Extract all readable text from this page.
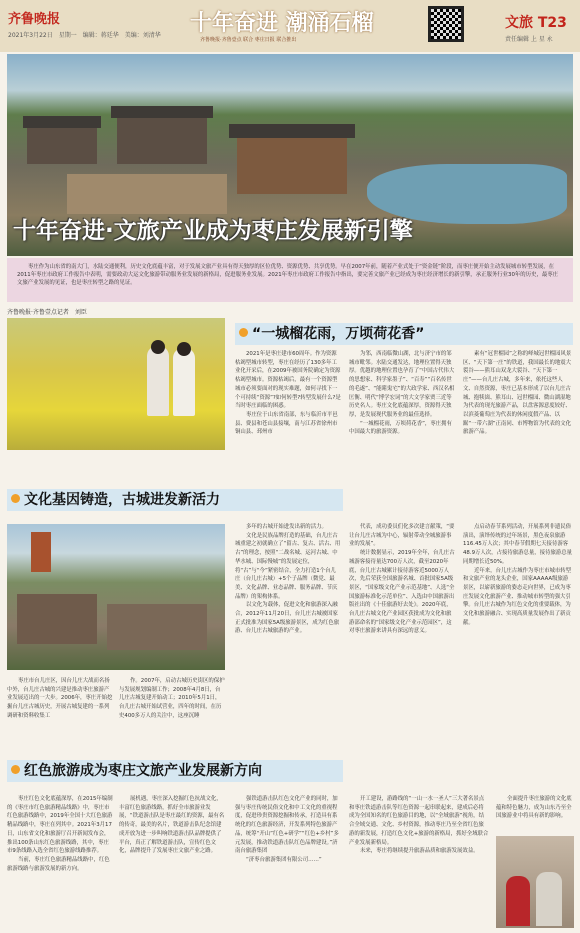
齐鲁晚报
2021年3月22日　星期一　编辑：蒋廷华　美编：刘清华 十年奋进 潮涌石榴
齐鲁晚报·齐鲁壹点 联合 枣庄日报 联合推出
文旅 T23
责任编辑 上 星 永
十年奋进·文旅产业成为枣庄发展新引擎

枣庄作为山东省的南大门，水陆交通便利，历史文化底蕴丰富，对于发展文旅产业具有得天独厚的区位优势、资源优势、共享优势。早在2007年前，随着产业式处于“资金链”阶段，而枣庄便开始主动发展城市转型发展，在2011年枣庄市政府工作报告中表明，需要政动大运文化旅游带动服务业发展的新格局，促进服务业发展。2021年枣庄市政府工作报告中指出，要完善文旅产业已经成为枣庄经济增长的新引擎，承正服务行业30年的历史，最枣庄文旅产业发展的见证，也是枣庄转型之路的见证。

齐鲁晚报·齐鲁壹点记者　刘臣
“一城榴花雨，万顷荷花香”

2021年是枣庄建市60周年。作为资源枯竭型城市转型，枣庄在经历了130多年工业化开采后，在2009年被国务院确定为资源枯竭型城市。资源枯竭后，最有一个资源型城市必须要面对的现实难题，如何寻找下一个可持续“资源”?如何转型?转型发展什么?是当时枣庄面临的困惑。

枣庄位于山东省南部，东与临沂市平邑县、费县和苍山县接壤，南与江苏省徐州市铜山县、邳州市

为邻，西南临微山湖，北与济宁市的邹城市毗邻。水陆交通发达，地理位置得天独厚。优越的地理位置也孕育了“中国古代伟大的思想家、科学家墨子”、“百寿”“百名传世的毛遂”、“能睹鬼宅”的大政学家、西汉名相匡衡、明代“博学宏词”的大文学家贾三近等历史名人。枣庄文化底蕴深厚，资源得天独厚，是发展现代服务业的最佳选择。

“一城榴花雨，万顷荷花香”，枣庄拥有中国最大的旅游资源。

素有“冠世榴园”之称的峄城冠世榴园风景区、“天下第一庄”的铁道，我国最长的地震大裂谷——熊耳山双龙大裂谷、“天下第一庄”——台儿庄古城，多年来，依托这些人文、自然资源，枣庄已基本形成了以台儿庄古城、抱犊崮、熊耳山、冠世榴园、微山湖湿地为代表的现光旅游产品，以盘客源意度较好、以滨菱葡萄庄为代表的休闲度假产品、以踞“一带六湖”正南同、市博物馆为代表的文化旅游产品。

文化基因铸造，古城进发新活力

多年的古城开始进发出新的活力。

文化是民族品牌打造的基础，台儿庄古城重建之初就确立了“留古、复古、活古、用古”的理念，按照“二战名城、运河古城、中华水城、国际慢城”的发展定位，将“古”与“今”紧密结合，全力打造1个台儿庄（台儿庄古城）+5个子品牌（微党、最美、文化品牌、业态品牌、服务品牌、节庆品牌）的架构体系。

以文化为载体，促进文化和旅游深入融合，2012年11月20日，台儿庄古城被国家正式批准为国家5A级旅游景区，成为红色旅游、台儿庄古城旅游的产业。

代表，成功委员们化多次建言献策，“要让台儿庄古城为中心，辐射带动全城旅游事业的发展”。

统计数据显示，2019年全年，台儿庄古城游客接待量达700万人次，截至2020年底，台儿庄古城累计接待游客近5000万人次，先后荣获全国旅游名城、首批国家5A级景区，“国家级文化产业示范基地”、人选“全国旅游标准化示范单位”、入选由中国旅游出版社出的《十佳旅游好去处》。2020年底，台儿庄古城文化产业园区获批成为文化和旅游部命名的“国家级文化产业示范园区”，这对枣庄旅游来讲具有深远的意义。

点启动春节系列活动，开展系列非遗民俗演出，演绎传统的过年场景，黑色夜泉旅游116.45万人次；其中春节假期七天接待游客48.9万人次，占接待旅游总量，接待旅游总量同期增长近50%。

近年来，台儿庄古城作为枣庄市城市转型和文旅产业的龙头企业，国家AAAAA级旅游景区，以崭新旅游的姿态走向世界，已成为枣庄发展文化旅游产业、推动城市转型的强大引擎。台儿庄古城作为红色文化的重要载体，为文化和旅游融合、实现高质量发展作出了新贡献。

枣庄市台儿庄区，因台儿庄大战而名扬中外，台儿庄古城的兴建是推动枣庄旅游产业发展迈出的一大步。2006年，枣庄开始挖掘台儿庄古城历史，开展古城复建的一系列调研和资料收集工

作。2007年，启动古城历史街区的保护与发展规划编制工作；2008年4月8日，台儿庄古城复建开始动工；2010年5月1日，台儿庄古城开始试营业，四年的时间，在历史400多万人的关注中，这座沉睡

红色旅游成为枣庄文旅产业发展新方向

枣庄红色文化底蕴深厚，在2015年编制的《枣庄市红色旅游精品线路》中，枣庄市红色旅游线路中，2019年全国十大红色旅游精品线路中，枣庄在列其中。2021年3月17日，山东省文化和旅游厅召开新闻发布会，推出100条山东红色旅游线路，其中，枣庄市9条线路入选全省红色旅游线路推荐。

当前，枣庄红色旅游精品线路中，红色旅游线路与旅游发展的新方向。

展机遇，枣庄深入挖掘红色抗战文化，丰富红色旅游线路，抓好全市旅游业发展，“铁道游击队是枣庄最红的资源，最有名的传奇，最美的名片，铁道游击队纪念馆建成开放为进一步叫响铁道游击队品牌提供了平台，真正了解铁道游击队，宣传红色文化，品牌提升了发展枣庄文旅产业之路。

强铁道游击队红色文化产业的同时，加强与枣庄传统民俗文化和中工文化的重视程度，促进珍贵资源挖掘和传承，打造具有系统化的红色旅游经济，开发系列特色旅游产品，统筹“开山”红色+研学”“红色+乡村”多元发展，推动铁道游击队红色品牌建设。”济南台旅游集团

“济枣台旅游集团有限公司……”

开工建设，游路线的“一山一水一圣人”三大著名景点和枣庄铁道游击队等红色资源一起串联起来，建成后必将成为全国知名的红色旅游目的地，以“全域旅游”视角，结合全域交通、文化、乡村资源，推动枣庄乃至全省红色旅游的新发展，打造红色文化+旅游的新格局，抓好全域联合产业发展新格局。

未来，枣庄将继续提升旅游品质和旅游发展效益。

全面提升枣庄旅游的文化底蕴和特色魅力，成为山东乃至全国旅游业中将具有新的影响。
